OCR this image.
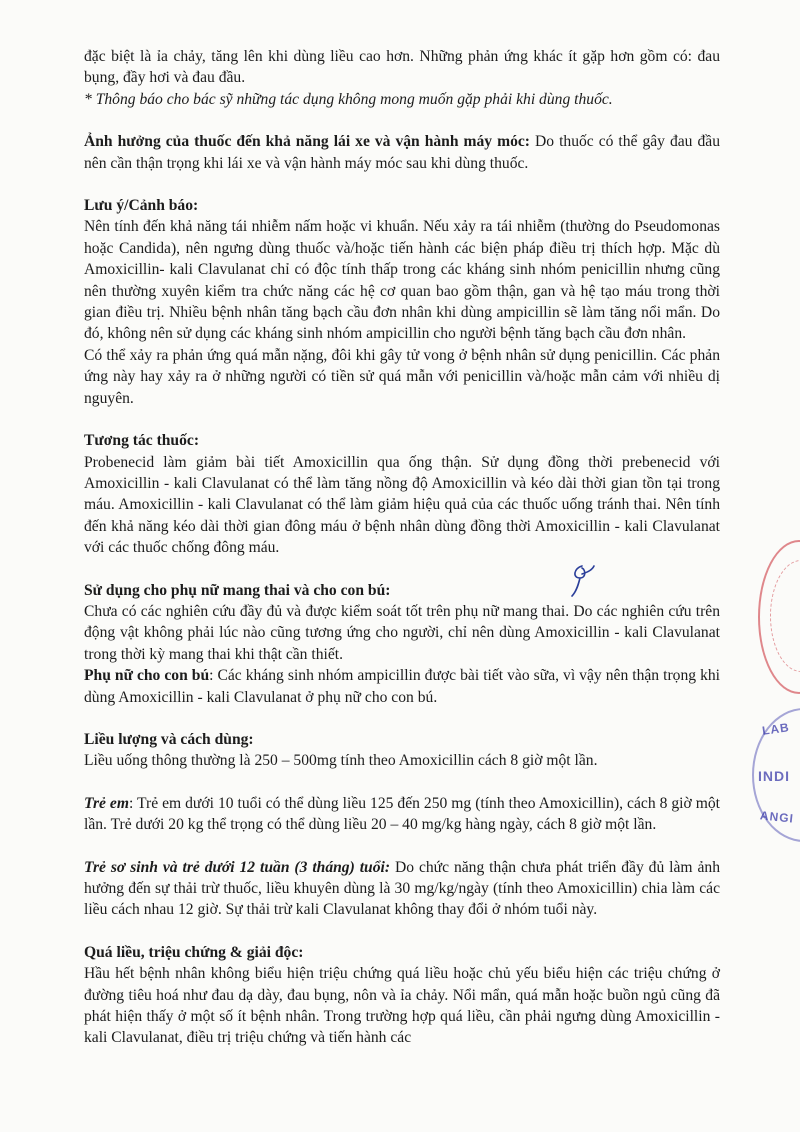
đặc biệt là ỉa chảy, tăng lên khi dùng liều cao hơn. Những phản ứng khác ít gặp hơn gồm có: đau bụng, đầy hơi và đau đầu.

* Thông báo cho bác sỹ những tác dụng không mong muốn gặp phải khi dùng thuốc.

Ảnh hưởng của thuốc đến khả năng lái xe và vận hành máy móc: Do thuốc có thể gây đau đầu nên cần thận trọng khi lái xe và vận hành máy móc sau khi dùng thuốc.

Lưu ý/Cảnh báo:

Nên tính đến khả năng tái nhiễm nấm hoặc vi khuẩn. Nếu xảy ra tái nhiễm (thường do Pseudomonas hoặc Candida), nên ngưng dùng thuốc và/hoặc tiến hành các biện pháp điều trị thích hợp. Mặc dù Amoxicillin- kali Clavulanat chỉ có độc tính thấp trong các kháng sinh nhóm penicillin nhưng cũng nên thường xuyên kiểm tra chức năng các hệ cơ quan bao gồm thận, gan và hệ tạo máu trong thời gian điều trị. Nhiều bệnh nhân tăng bạch cầu đơn nhân khi dùng ampicillin sẽ làm tăng nổi mẩn. Do đó, không nên sử dụng các kháng sinh nhóm ampicillin cho người bệnh tăng bạch cầu đơn nhân.

Có thể xảy ra phản ứng quá mẫn nặng, đôi khi gây tử vong ở bệnh nhân sử dụng penicillin. Các phản ứng này hay xảy ra ở những người có tiền sử quá mẫn với penicillin và/hoặc mẫn cảm với nhiều dị nguyên.

Tương tác thuốc:

Probenecid làm giảm bài tiết Amoxicillin qua ống thận. Sử dụng đồng thời prebenecid với Amoxicillin - kali Clavulanat có thể làm tăng nồng độ Amoxicillin và kéo dài thời gian tồn tại trong máu. Amoxicillin - kali Clavulanat có thể làm giảm hiệu quả của các thuốc uống tránh thai. Nên tính đến khả năng kéo dài thời gian đông máu ở bệnh nhân dùng đồng thời Amoxicillin - kali Clavulanat với các thuốc chống đông máu.

Sử dụng cho phụ nữ mang thai và cho con bú:

Chưa có các nghiên cứu đầy đủ và được kiểm soát tốt trên phụ nữ mang thai. Do các nghiên cứu trên động vật không phải lúc nào cũng tương ứng cho người, chỉ nên dùng Amoxicillin - kali Clavulanat trong thời kỳ mang thai khi thật cần thiết.

Phụ nữ cho con bú: Các kháng sinh nhóm ampicillin được bài tiết vào sữa, vì vậy nên thận trọng khi dùng Amoxicillin - kali Clavulanat ở phụ nữ cho con bú.

Liều lượng và cách dùng:

Liều uống thông thường là 250 – 500mg tính theo Amoxicillin cách 8 giờ một lần.

Trẻ em: Trẻ em dưới 10 tuổi có thể dùng liều 125 đến 250 mg (tính theo Amoxicillin), cách 8 giờ một lần. Trẻ dưới 20 kg thể trọng có thể dùng liều 20 – 40 mg/kg hàng ngày, cách 8 giờ một lần.

Trẻ sơ sinh và trẻ dưới 12 tuần (3 tháng) tuổi: Do chức năng thận chưa phát triển đầy đủ làm ảnh hưởng đến sự thải trừ thuốc, liều khuyên dùng là 30 mg/kg/ngày (tính theo Amoxicillin) chia làm các liều cách nhau 12 giờ. Sự thải trừ kali Clavulanat không thay đổi ở nhóm tuổi này.

Quá liều, triệu chứng & giải độc:

Hầu hết bệnh nhân không biểu hiện triệu chứng quá liều hoặc chủ yếu biểu hiện các triệu chứng ở đường tiêu hoá như đau dạ dày, đau bụng, nôn và ỉa chảy. Nổi mẩn, quá mẫn hoặc buồn ngủ cũng đã phát hiện thấy ở một số ít bệnh nhân. Trong trường hợp quá liều, cần phải ngưng dùng Amoxicillin - kali Clavulanat, điều trị triệu chứng và tiến hành các

LAB
INDI
ANGI
